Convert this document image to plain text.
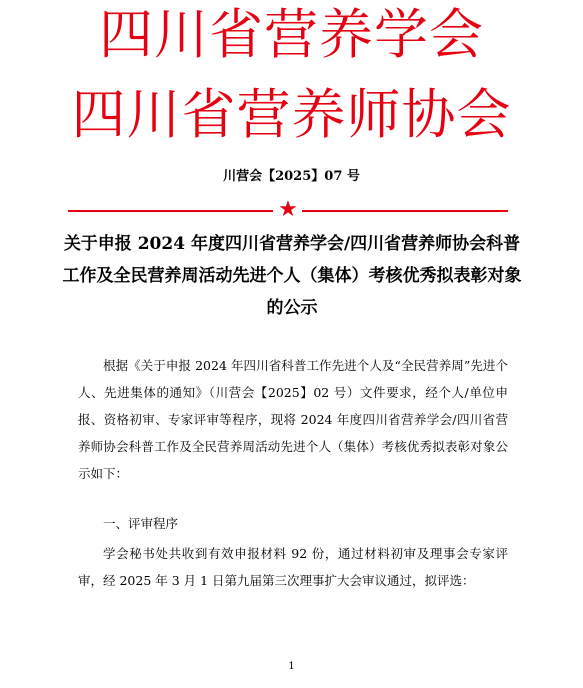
四川省营养学会
四川省营养师协会
川营会【2025】07 号
★
关于申报 2024 年度四川省营养学会/四川省营养师协会科普工作及全民营养周活动先进个人（集体）考核优秀拟表彰对象的公示
根据《关于申报 2024 年四川省科普工作先进个人及“全民营养周”先进个人、先进集体的通知》（川营会【2025】02 号）文件要求，经个人/单位申报、资格初审、专家评审等程序，现将 2024 年度四川省营养学会/四川省营养师协会科普工作及全民营养周活动先进个人（集体）考核优秀拟表彰对象公示如下：
一、评审程序
学会秘书处共收到有效申报材料 92 份，通过材料初审及理事会专家评审，经 2025 年 3 月 1 日第九届第三次理事扩大会审议通过，拟评选：
1
